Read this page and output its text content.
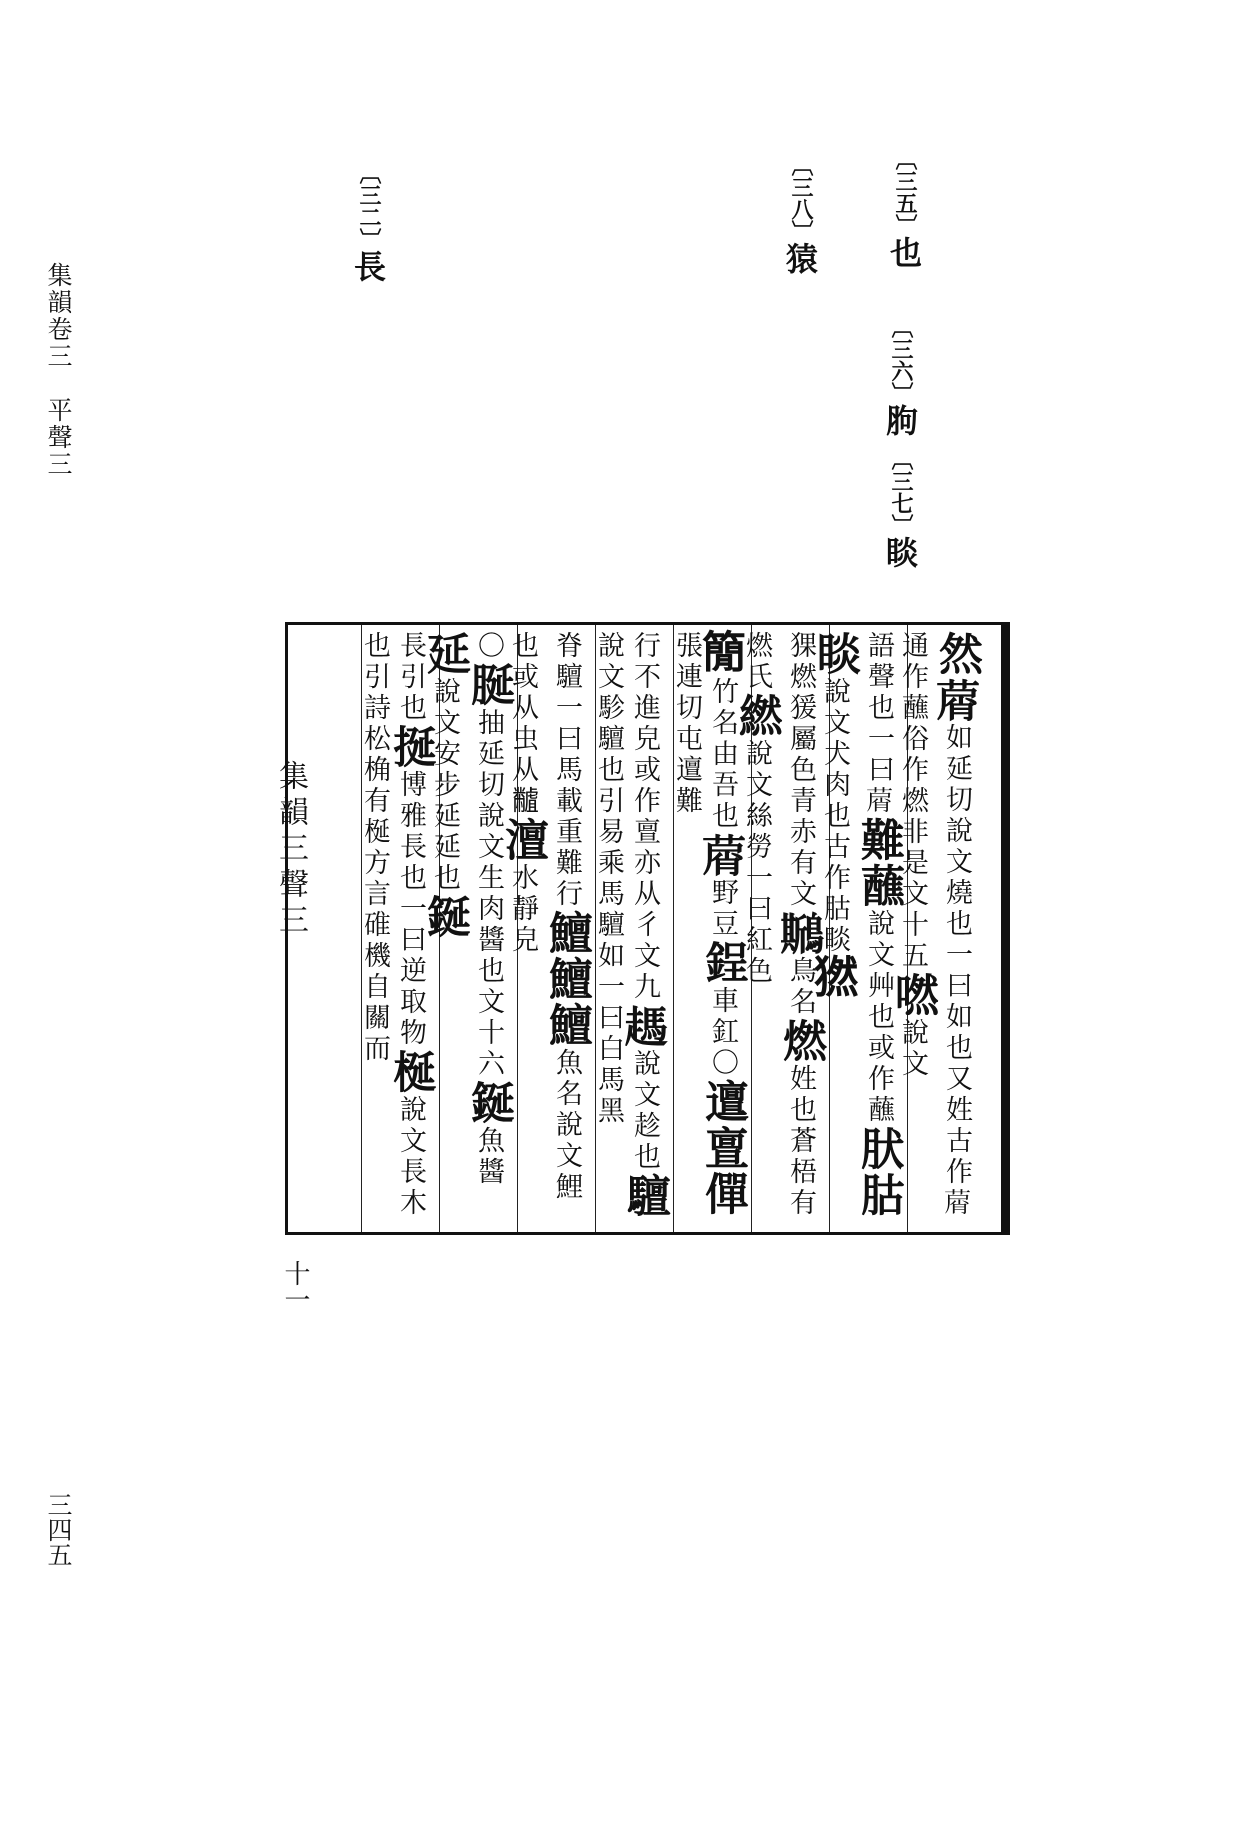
集韻卷三　平聲三
三四五
〔三五〕也
〔三六〕胊
〔三七〕睒
〔三八〕猿
〔三二〕長
然𦵱如延切說文燒也一曰如也又姓古作𦵱通作蘸俗作燃非是文十五嘫說文
語聲也一曰𦵱難蘸說文艸也或作蘸肰𦙶睒說文犬肉也古作𦙶睒𤡮
猓燃猨屬色青赤有文𪆁鳥名燃姓也蒼梧有燃氏繎說文絲勞一曰紅色
𥳑竹名由吾也𦵱野豆鋥車釭〇邅亶僤張連切屯邅難
行不進皃或作亶亦从彳文九𧽙說文趁也驙說文駗驙也引易乘馬驙如一曰白馬黑
脊驙一曰馬載重難行鱣鱣鱣魚名說文鯉也或从虫从𪓐澶水靜皃
〇脠抽延切說文生肉醬也文十六鋋魚醬延說文安步延延也鋋
長引也挻博雅長也一曰逆取物梴說文長木也引詩松桷有梴方言碓機自關而
集韻三聲三
十一
